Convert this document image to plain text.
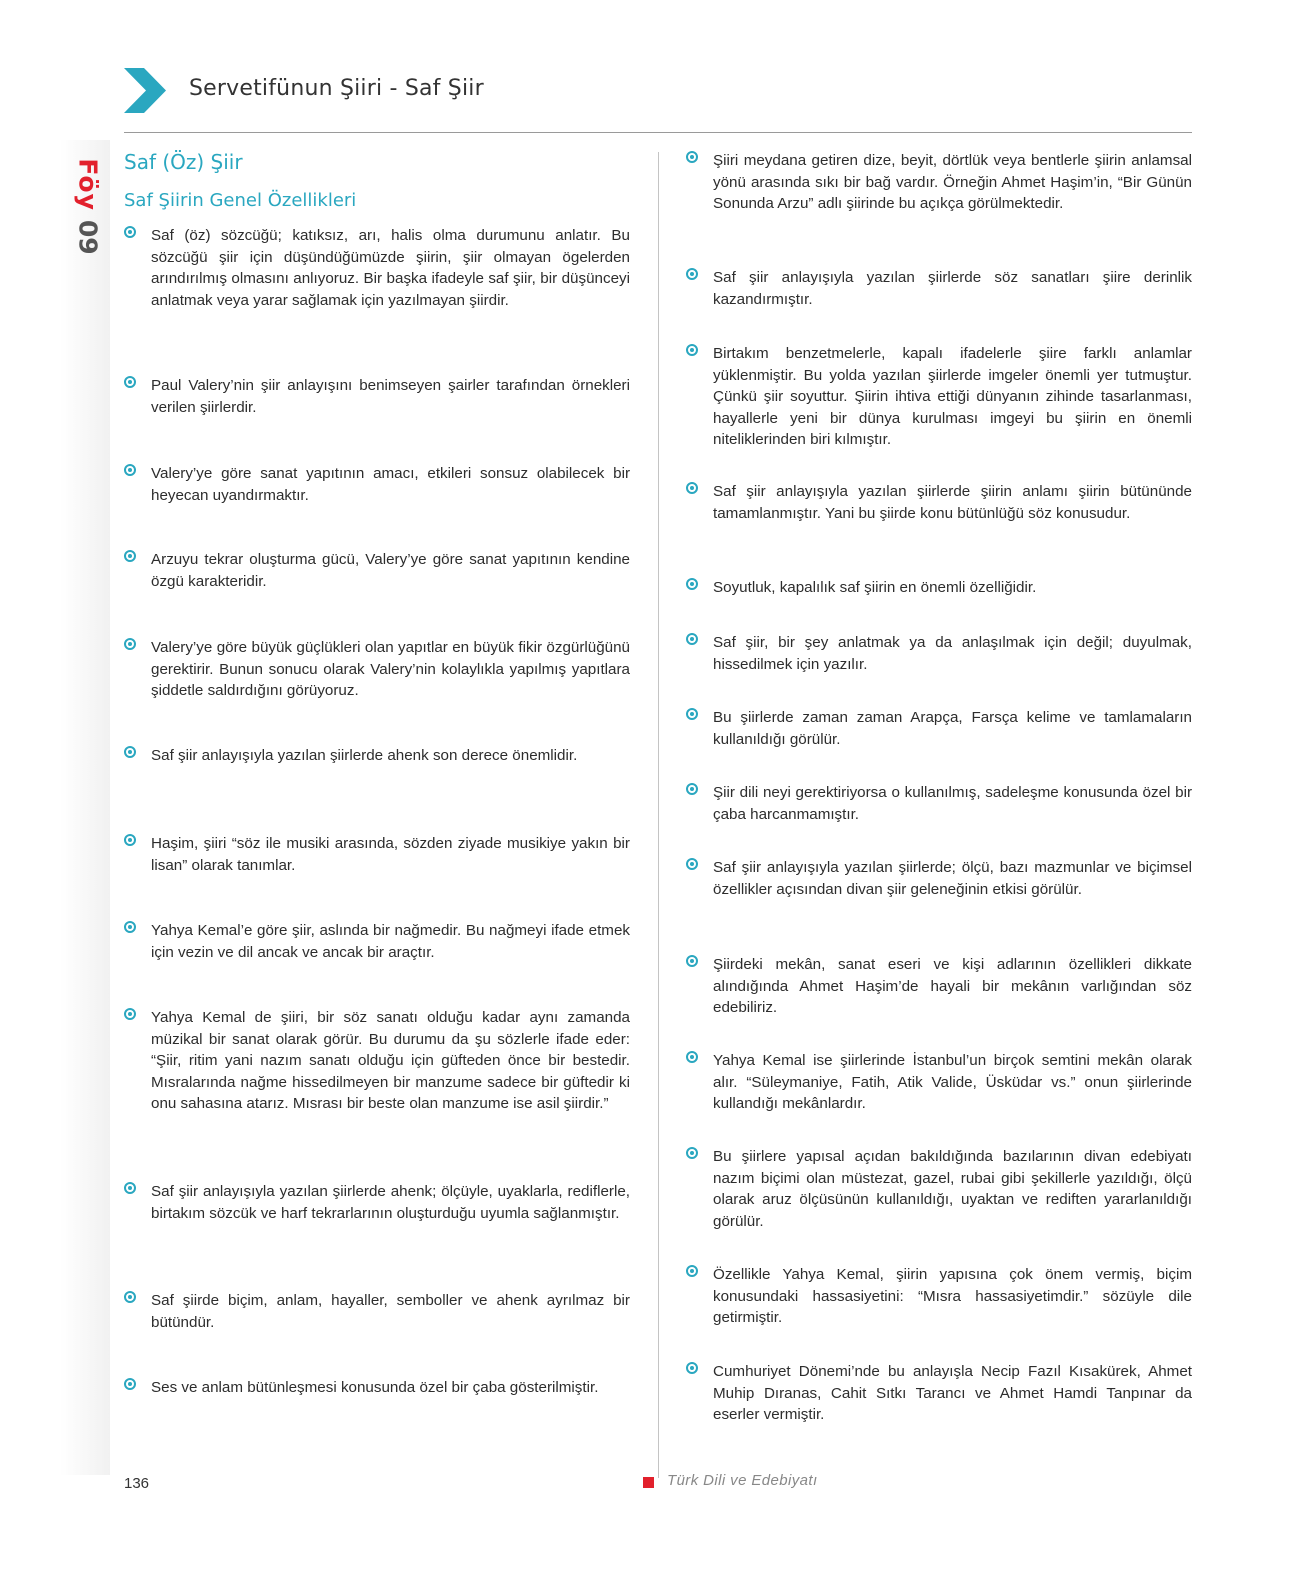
Servetifünun Şiiri - Saf Şiir
Föy
09
Saf (Öz) Şiir
Saf Şiirin Genel Özellikleri
Saf (öz) sözcüğü; katıksız, arı, halis olma durumunu anlatır. Bu sözcüğü şiir için düşündüğümüzde şiirin, şiir olmayan ögelerden arındırılmış olmasını anlıyoruz. Bir başka ifadeyle saf şiir, bir düşünceyi anlatmak veya yarar sağlamak için yazılmayan şiirdir.
Paul Valery’nin şiir anlayışını benimseyen şairler tarafından örnekleri verilen şiirlerdir.
Valery’ye göre sanat yapıtının amacı, etkileri sonsuz olabilecek bir heyecan uyandırmaktır.
Arzuyu tekrar oluşturma gücü, Valery’ye göre sanat yapıtının kendine özgü karakteridir.
Valery’ye göre büyük güçlükleri olan yapıtlar en büyük fikir özgürlüğünü gerektirir. Bunun sonucu olarak Valery’nin kolaylıkla yapılmış yapıtlara şiddetle saldırdığını görüyoruz.
Saf şiir anlayışıyla yazılan şiirlerde ahenk son derece önemlidir.
Haşim, şiiri “söz ile musiki arasında, sözden ziyade musikiye yakın bir lisan” olarak tanımlar.
Yahya Kemal’e göre şiir, aslında bir nağmedir. Bu nağmeyi ifade etmek için vezin ve dil ancak ve ancak bir araçtır.
Yahya Kemal de şiiri, bir söz sanatı olduğu kadar aynı zamanda müzikal bir sanat olarak görür. Bu durumu da şu sözlerle ifade eder: “Şiir, ritim yani nazım sanatı olduğu için güfteden önce bir bestedir. Mısralarında nağme hissedilmeyen bir manzume sadece bir güftedir ki onu sahasına atarız. Mısrası bir beste olan manzume ise asil şiirdir.”
Saf şiir anlayışıyla yazılan şiirlerde ahenk; ölçüyle, uyaklarla, rediflerle, birtakım sözcük ve harf tekrarlarının oluşturduğu uyumla sağlanmıştır.
Saf şiirde biçim, anlam, hayaller, semboller ve ahenk ayrılmaz bir bütündür.
Ses ve anlam bütünleşmesi konusunda özel bir çaba gösterilmiştir.
Şiiri meydana getiren dize, beyit, dörtlük veya bentlerle şiirin anlamsal yönü arasında sıkı bir bağ vardır. Örneğin Ahmet Haşim’in, “Bir Günün Sonunda Arzu” adlı şiirinde bu açıkça görülmektedir.
Saf şiir anlayışıyla yazılan şiirlerde söz sanatları şiire derinlik kazandırmıştır.
Birtakım benzetmelerle, kapalı ifadelerle şiire farklı anlamlar yüklenmiştir. Bu yolda yazılan şiirlerde imgeler önemli yer tutmuştur. Çünkü şiir soyuttur. Şiirin ihtiva ettiği dünyanın zihinde tasarlanması, hayallerle yeni bir dünya kurulması imgeyi bu şiirin en önemli niteliklerinden biri kılmıştır.
Saf şiir anlayışıyla yazılan şiirlerde şiirin anlamı şiirin bütününde tamamlanmıştır. Yani bu şiirde konu bütünlüğü söz konusudur.
Soyutluk, kapalılık saf şiirin en önemli özelliğidir.
Saf şiir, bir şey anlatmak ya da anlaşılmak için değil; duyulmak, hissedilmek için yazılır.
Bu şiirlerde zaman zaman Arapça, Farsça kelime ve tamlamaların kullanıldığı görülür.
Şiir dili neyi gerektiriyorsa o kullanılmış, sadeleşme konusunda özel bir çaba harcanmamıştır.
Saf şiir anlayışıyla yazılan şiirlerde; ölçü, bazı mazmunlar ve biçimsel özellikler açısından divan şiir geleneğinin etkisi görülür.
Şiirdeki mekân, sanat eseri ve kişi adlarının özellikleri dikkate alındığında Ahmet Haşim’de hayali bir mekânın varlığından söz edebiliriz.
Yahya Kemal ise şiirlerinde İstanbul’un birçok semtini mekân olarak alır. “Süleymaniye, Fatih, Atik Valide, Üsküdar vs.” onun şiirlerinde kullandığı mekânlardır.
Bu şiirlere yapısal açıdan bakıldığında bazılarının divan edebiyatı nazım biçimi olan müstezat, gazel, rubai gibi şekillerle yazıldığı, ölçü olarak aruz ölçüsünün kullanıldığı, uyaktan ve rediften yararlanıldığı görülür.
Özellikle Yahya Kemal, şiirin yapısına çok önem vermiş, biçim konusundaki hassasiyetini: “Mısra hassasiyetimdir.” sözüyle dile getirmiştir.
Cumhuriyet Dönemi’nde bu anlayışla Necip Fazıl Kısakürek, Ahmet Muhip Dıranas, Cahit Sıtkı Tarancı ve Ahmet Hamdi Tanpınar da eserler vermiştir.
136	Türk Dili ve Edebiyatı
